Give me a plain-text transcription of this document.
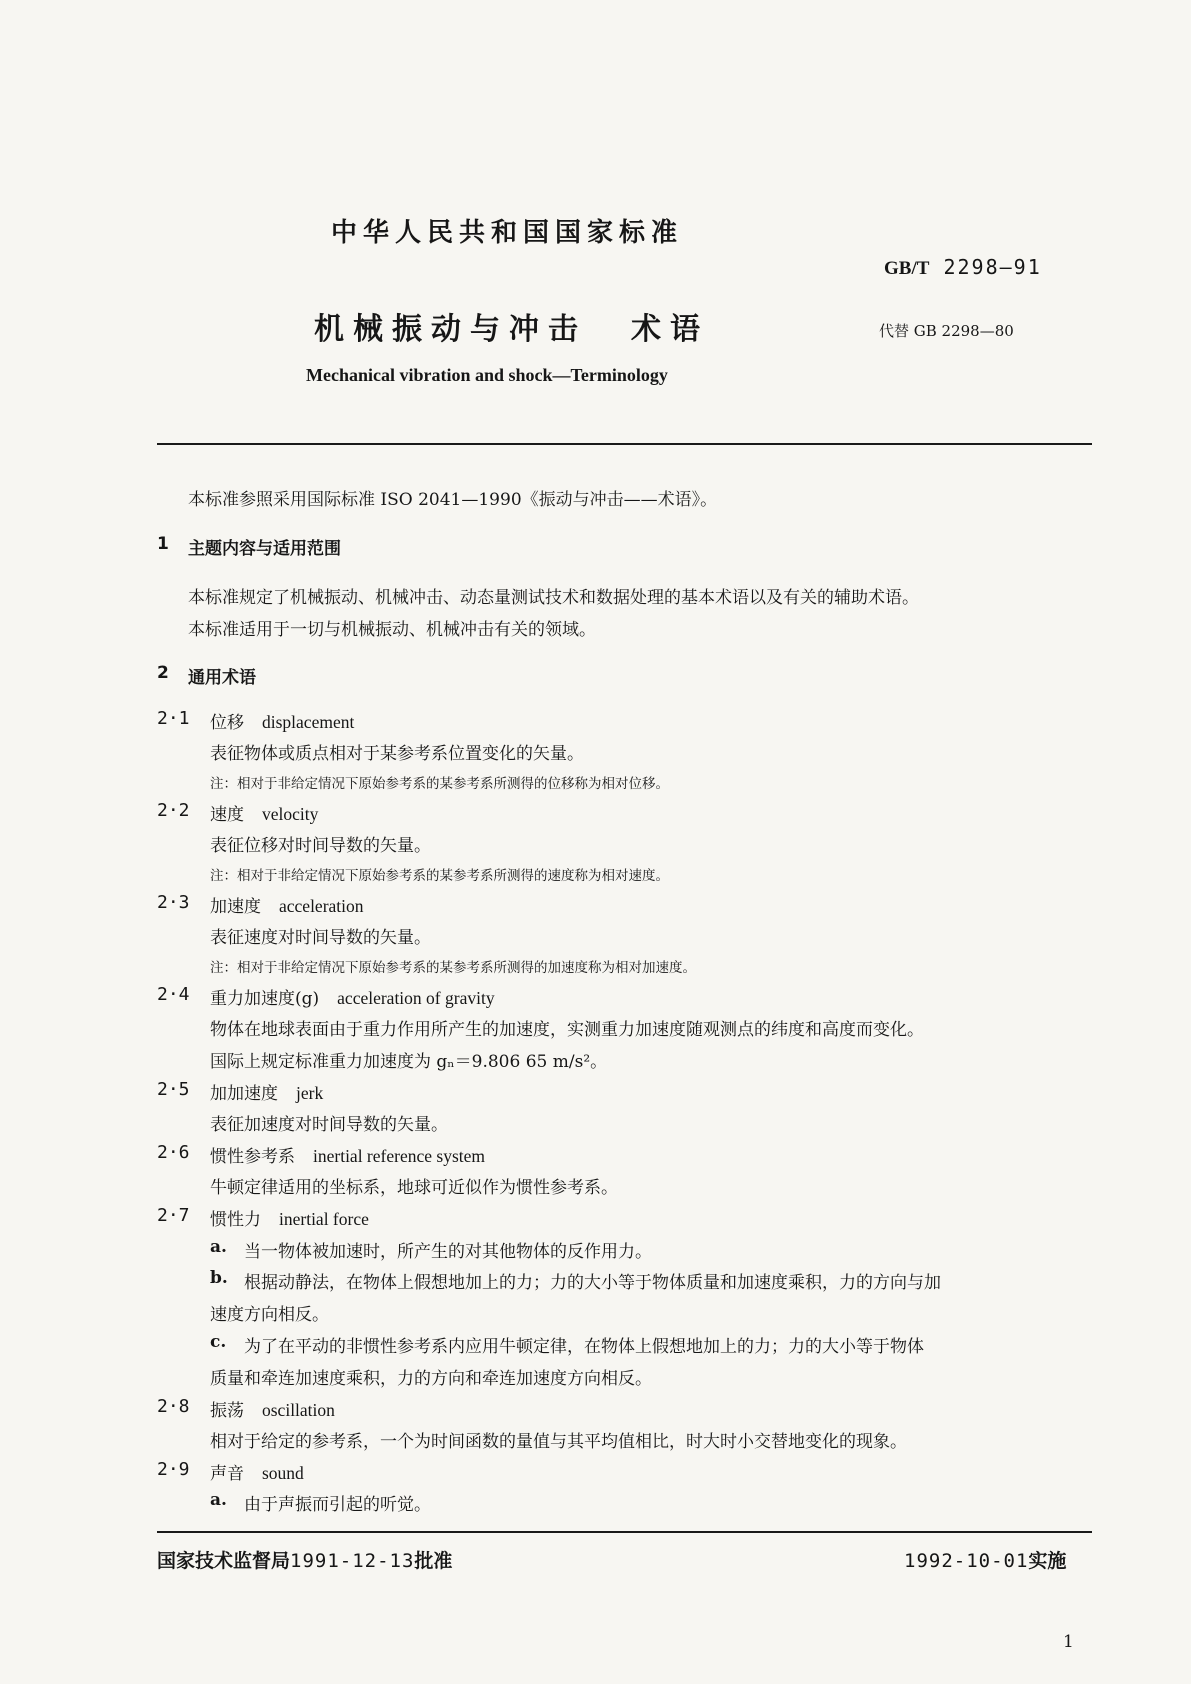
中华人民共和国国家标准
GB/T 2298—91
机械振动与冲击 术语	代替 GB 2298—80
Mechanical vibration and shock—Terminology
本标准参照采用国际标准 ISO 2041—1990《振动与冲击——术语》。
1 主题内容与适用范围
本标准规定了机械振动、机械冲击、动态量测试技术和数据处理的基本术语以及有关的辅助术语。
本标准适用于一切与机械振动、机械冲击有关的领域。
2 通用术语
2·1 位移 displacement
表征物体或质点相对于某参考系位置变化的矢量。
注：相对于非给定情况下原始参考系的某参考系所测得的位移称为相对位移。
2·2 速度 velocity
表征位移对时间导数的矢量。
注：相对于非给定情况下原始参考系的某参考系所测得的速度称为相对速度。
2·3 加速度 acceleration
表征速度对时间导数的矢量。
注：相对于非给定情况下原始参考系的某参考系所测得的加速度称为相对加速度。
2·4 重力加速度(g) acceleration of gravity
物体在地球表面由于重力作用所产生的加速度，实测重力加速度随观测点的纬度和高度而变化。
国际上规定标准重力加速度为 gₙ＝9.806 65 m/s²。
2·5 加加速度 jerk
表征加速度对时间导数的矢量。
2·6 惯性参考系 inertial reference system
牛顿定律适用的坐标系，地球可近似作为惯性参考系。
2·7 惯性力 inertial force
a. 当一物体被加速时，所产生的对其他物体的反作用力。
b. 根据动静法，在物体上假想地加上的力；力的大小等于物体质量和加速度乘积，力的方向与加
速度方向相反。
c. 为了在平动的非惯性参考系内应用牛顿定律，在物体上假想地加上的力；力的大小等于物体
质量和牵连加速度乘积，力的方向和牵连加速度方向相反。
2·8 振荡 oscillation
相对于给定的参考系，一个为时间函数的量值与其平均值相比，时大时小交替地变化的现象。
2·9 声音 sound
a. 由于声振而引起的听觉。
国家技术监督局1991-12-13批准	1992-10-01实施
1
